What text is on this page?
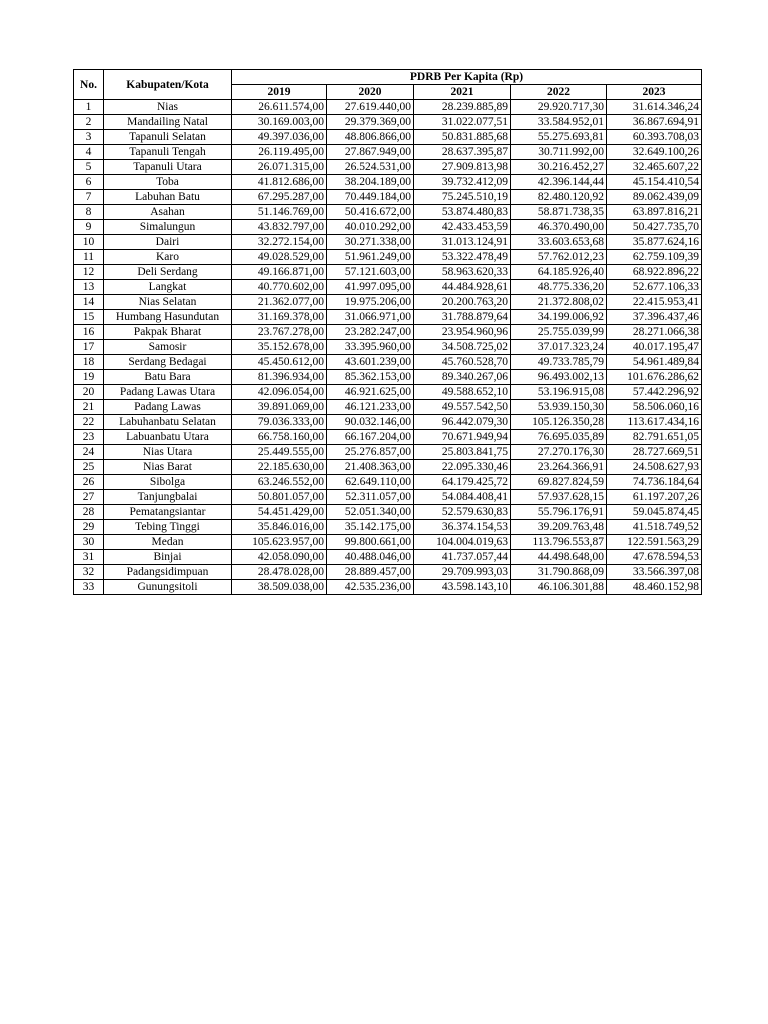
No.	Kabupaten/Kota	PDRB Per Kapita (Rp)				
		2019	2020	2021	2022	2023
1	Nias	26.611.574,00	27.619.440,00	28.239.885,89	29.920.717,30	31.614.346,24
2	Mandailing Natal	30.169.003,00	29.379.369,00	31.022.077,51	33.584.952,01	36.867.694,91
3	Tapanuli Selatan	49.397.036,00	48.806.866,00	50.831.885,68	55.275.693,81	60.393.708,03
4	Tapanuli Tengah	26.119.495,00	27.867.949,00	28.637.395,87	30.711.992,00	32.649.100,26
5	Tapanuli Utara	26.071.315,00	26.524.531,00	27.909.813,98	30.216.452,27	32.465.607,22
6	Toba	41.812.686,00	38.204.189,00	39.732.412,09	42.396.144,44	45.154.410,54
7	Labuhan Batu	67.295.287,00	70.449.184,00	75.245.510,19	82.480.120,92	89.062.439,09
8	Asahan	51.146.769,00	50.416.672,00	53.874.480,83	58.871.738,35	63.897.816,21
9	Simalungun	43.832.797,00	40.010.292,00	42.433.453,59	46.370.490,00	50.427.735,70
10	Dairi	32.272.154,00	30.271.338,00	31.013.124,91	33.603.653,68	35.877.624,16
11	Karo	49.028.529,00	51.961.249,00	53.322.478,49	57.762.012,23	62.759.109,39
12	Deli Serdang	49.166.871,00	57.121.603,00	58.963.620,33	64.185.926,40	68.922.896,22
13	Langkat	40.770.602,00	41.997.095,00	44.484.928,61	48.775.336,20	52.677.106,33
14	Nias Selatan	21.362.077,00	19.975.206,00	20.200.763,20	21.372.808,02	22.415.953,41
15	Humbang Hasundutan	31.169.378,00	31.066.971,00	31.788.879,64	34.199.006,92	37.396.437,46
16	Pakpak Bharat	23.767.278,00	23.282.247,00	23.954.960,96	25.755.039,99	28.271.066,38
17	Samosir	35.152.678,00	33.395.960,00	34.508.725,02	37.017.323,24	40.017.195,47
18	Serdang Bedagai	45.450.612,00	43.601.239,00	45.760.528,70	49.733.785,79	54.961.489,84
19	Batu Bara	81.396.934,00	85.362.153,00	89.340.267,06	96.493.002,13	101.676.286,62
20	Padang Lawas Utara	42.096.054,00	46.921.625,00	49.588.652,10	53.196.915,08	57.442.296,92
21	Padang Lawas	39.891.069,00	46.121.233,00	49.557.542,50	53.939.150,30	58.506.060,16
22	Labuhanbatu Selatan	79.036.333,00	90.032.146,00	96.442.079,30	105.126.350,28	113.617.434,16
23	Labuanbatu Utara	66.758.160,00	66.167.204,00	70.671.949,94	76.695.035,89	82.791.651,05
24	Nias Utara	25.449.555,00	25.276.857,00	25.803.841,75	27.270.176,30	28.727.669,51
25	Nias Barat	22.185.630,00	21.408.363,00	22.095.330,46	23.264.366,91	24.508.627,93
26	Sibolga	63.246.552,00	62.649.110,00	64.179.425,72	69.827.824,59	74.736.184,64
27	Tanjungbalai	50.801.057,00	52.311.057,00	54.084.408,41	57.937.628,15	61.197.207,26
28	Pematangsiantar	54.451.429,00	52.051.340,00	52.579.630,83	55.796.176,91	59.045.874,45
29	Tebing Tinggi	35.846.016,00	35.142.175,00	36.374.154,53	39.209.763,48	41.518.749,52
30	Medan	105.623.957,00	99.800.661,00	104.004.019,63	113.796.553,87	122.591.563,29
31	Binjai	42.058.090,00	40.488.046,00	41.737.057,44	44.498.648,00	47.678.594,53
32	Padangsidimpuan	28.478.028,00	28.889.457,00	29.709.993,03	31.790.868,09	33.566.397,08
33	Gunungsitoli	38.509.038,00	42.535.236,00	43.598.143,10	46.106.301,88	48.460.152,98
